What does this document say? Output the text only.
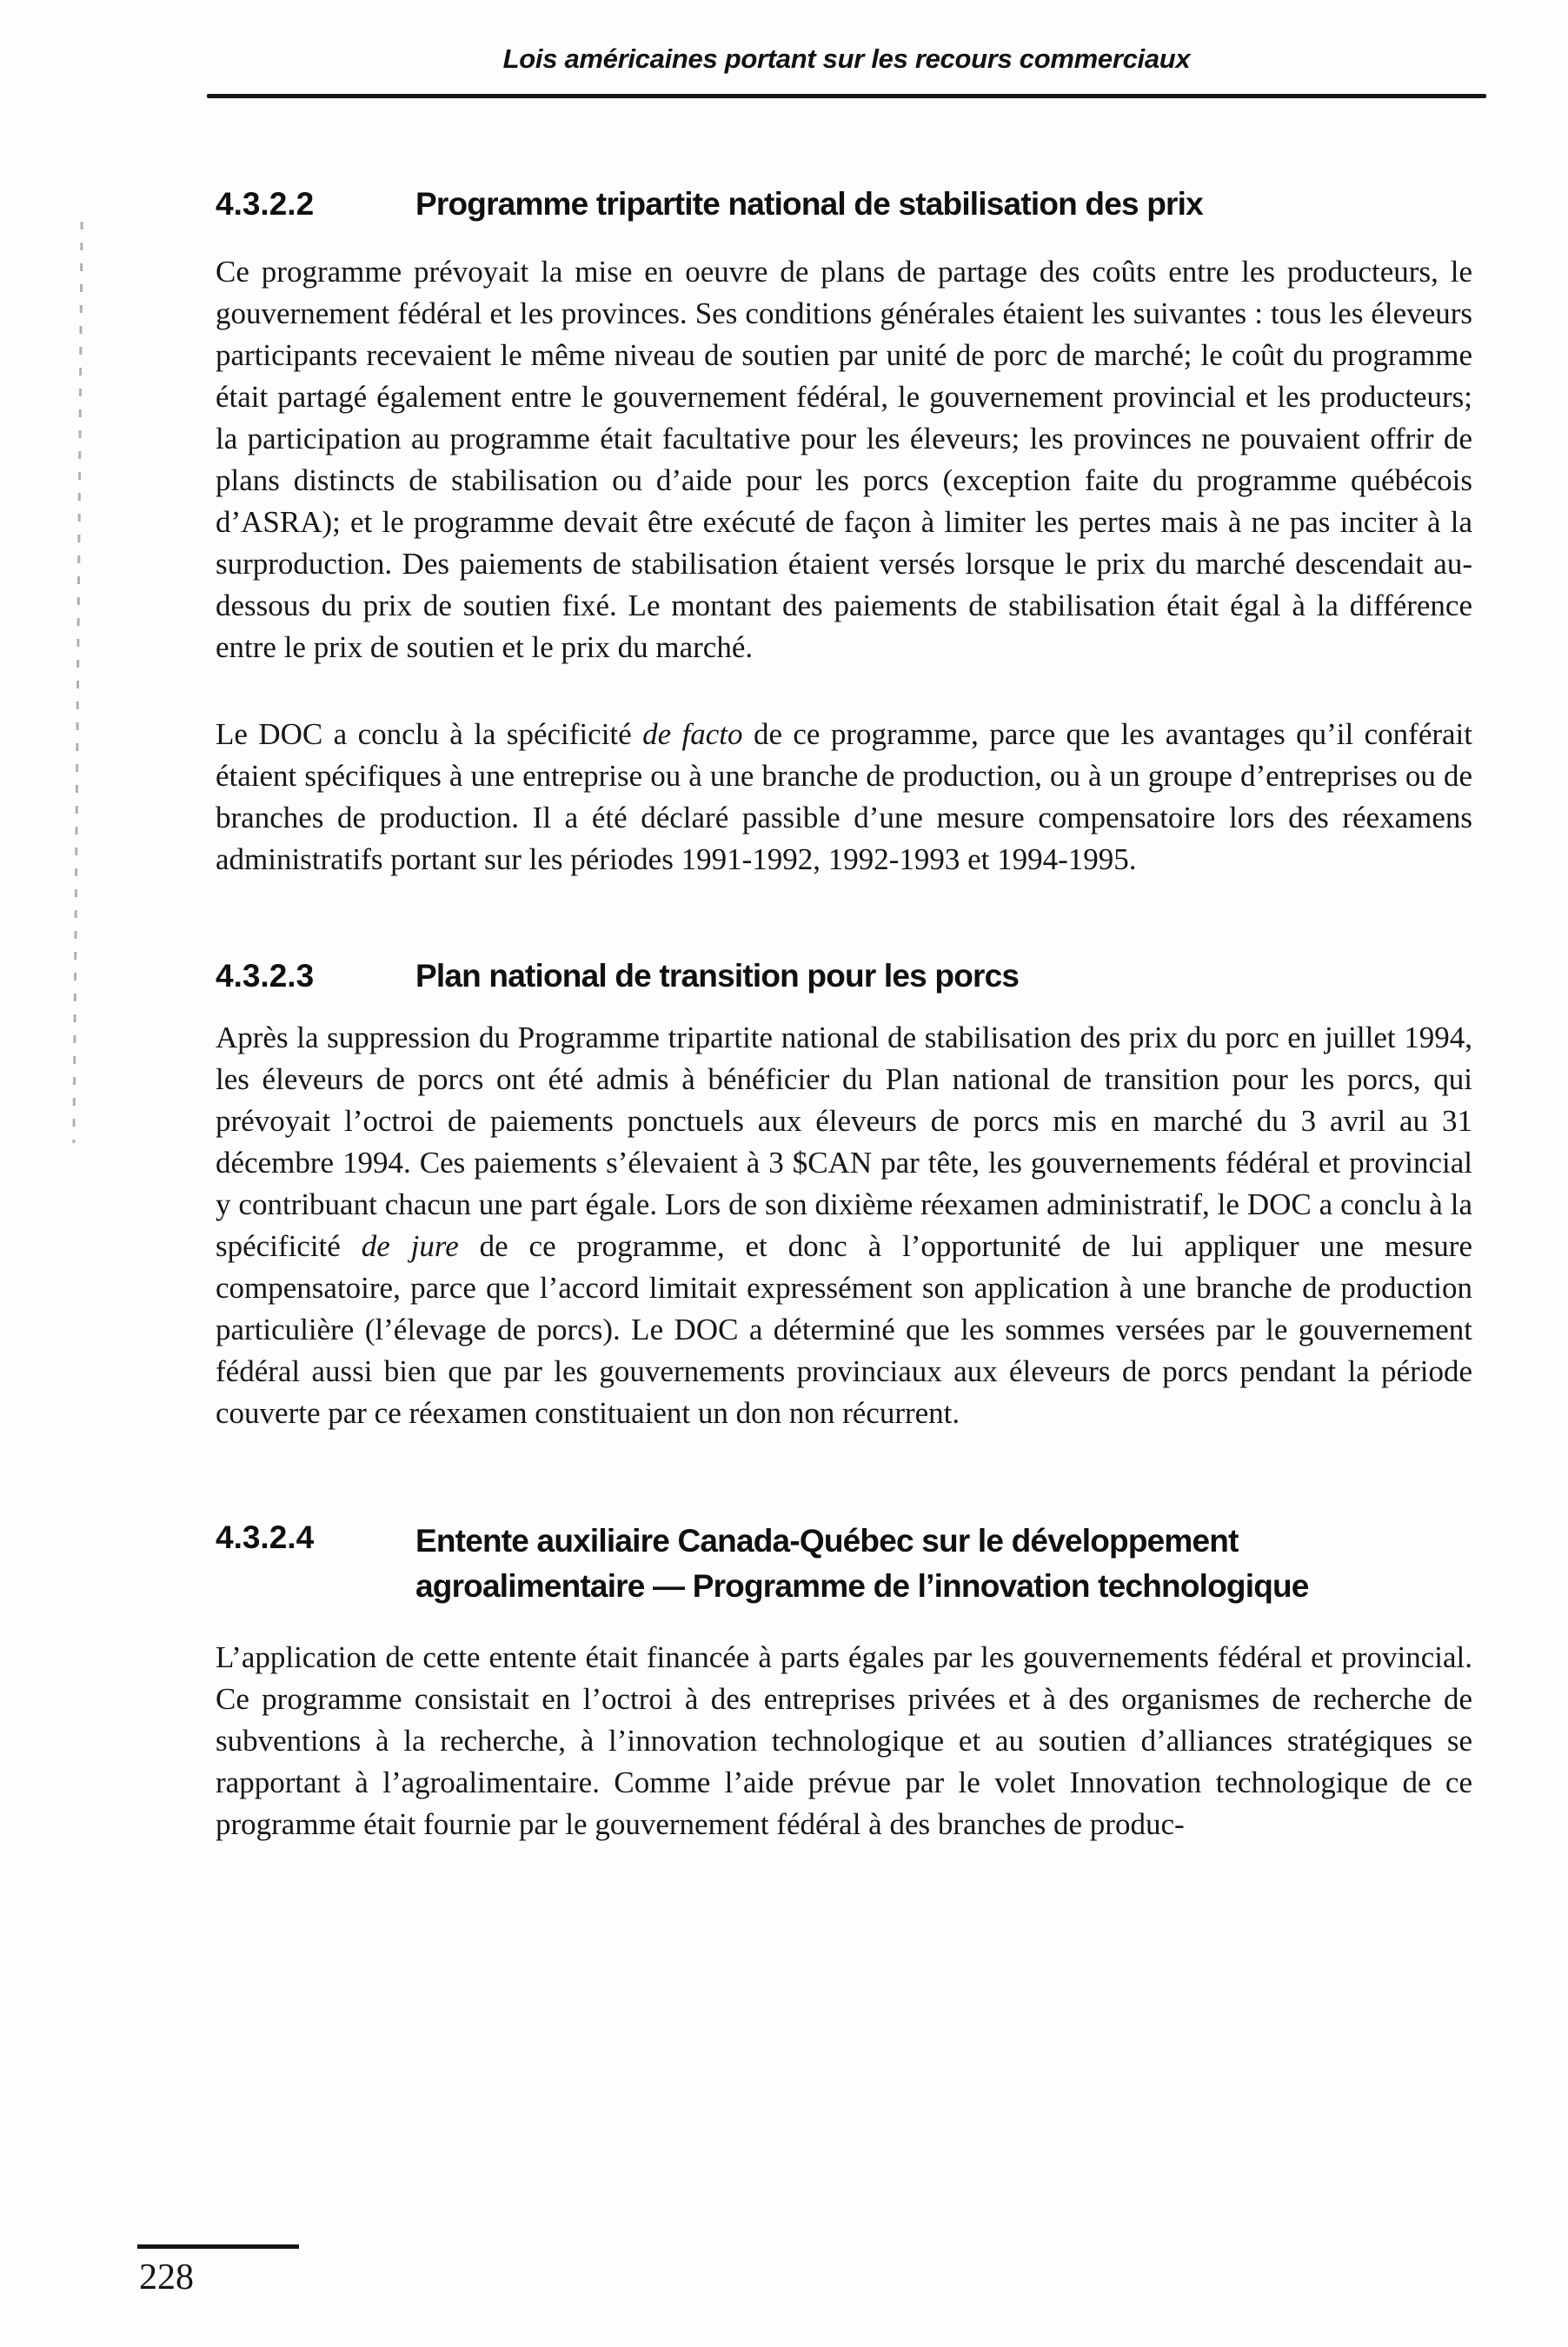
Lois américaines portant sur les recours commerciaux
4.3.2.2	Programme tripartite national de stabilisation des prix

Ce programme prévoyait la mise en oeuvre de plans de partage des coûts entre les producteurs, le gouvernement fédéral et les provinces. Ses conditions générales étaient les suivantes : tous les éleveurs participants recevaient le même niveau de soutien par unité de porc de marché; le coût du programme était partagé également entre le gouvernement fédéral, le gouvernement provincial et les producteurs; la participation au programme était facultative pour les éleveurs; les provinces ne pouvaient offrir de plans distincts de stabilisation ou d’aide pour les porcs (exception faite du programme québécois d’ASRA); et le programme devait être exécuté de façon à limiter les pertes mais à ne pas inciter à la surproduction. Des paiements de stabilisation étaient versés lorsque le prix du marché descendait au-dessous du prix de soutien fixé. Le montant des paiements de stabilisation était égal à la différence entre le prix de soutien et le prix du marché.

Le DOC a conclu à la spécificité de facto de ce programme, parce que les avantages qu’il conférait étaient spécifiques à une entreprise ou à une branche de production, ou à un groupe d’entreprises ou de branches de production. Il a été déclaré passible d’une mesure compensatoire lors des réexamens administratifs portant sur les périodes 1991-1992, 1992-1993 et 1994-1995.

4.3.2.3	Plan national de transition pour les porcs

Après la suppression du Programme tripartite national de stabilisation des prix du porc en juillet 1994, les éleveurs de porcs ont été admis à bénéficier du Plan national de transition pour les porcs, qui prévoyait l’octroi de paiements ponctuels aux éleveurs de porcs mis en marché du 3 avril au 31 décembre 1994. Ces paiements s’élevaient à 3 $CAN par tête, les gouvernements fédéral et provincial y contribuant chacun une part égale. Lors de son dixième réexamen administratif, le DOC a conclu à la spécificité de jure de ce programme, et donc à l’opportunité de lui appliquer une mesure compensatoire, parce que l’accord limitait expressément son application à une branche de production particulière (l’élevage de porcs). Le DOC a déterminé que les sommes versées par le gouvernement fédéral aussi bien que par les gouvernements provinciaux aux éleveurs de porcs pendant la période couverte par ce réexamen constituaient un don non récurrent.

4.3.2.4	Entente auxiliaire Canada-Québec sur le développement
agroalimentaire — Programme de l’innovation technologique

L’application de cette entente était financée à parts égales par les gouvernements fédéral et provincial. Ce programme consistait en l’octroi à des entreprises privées et à des organismes de recherche de subventions à la recherche, à l’innovation technologique et au soutien d’alliances stratégiques se rapportant à l’agroalimentaire. Comme l’aide prévue par le volet Innovation technologique de ce programme était fournie par le gouvernement fédéral à des branches de produc-

228
